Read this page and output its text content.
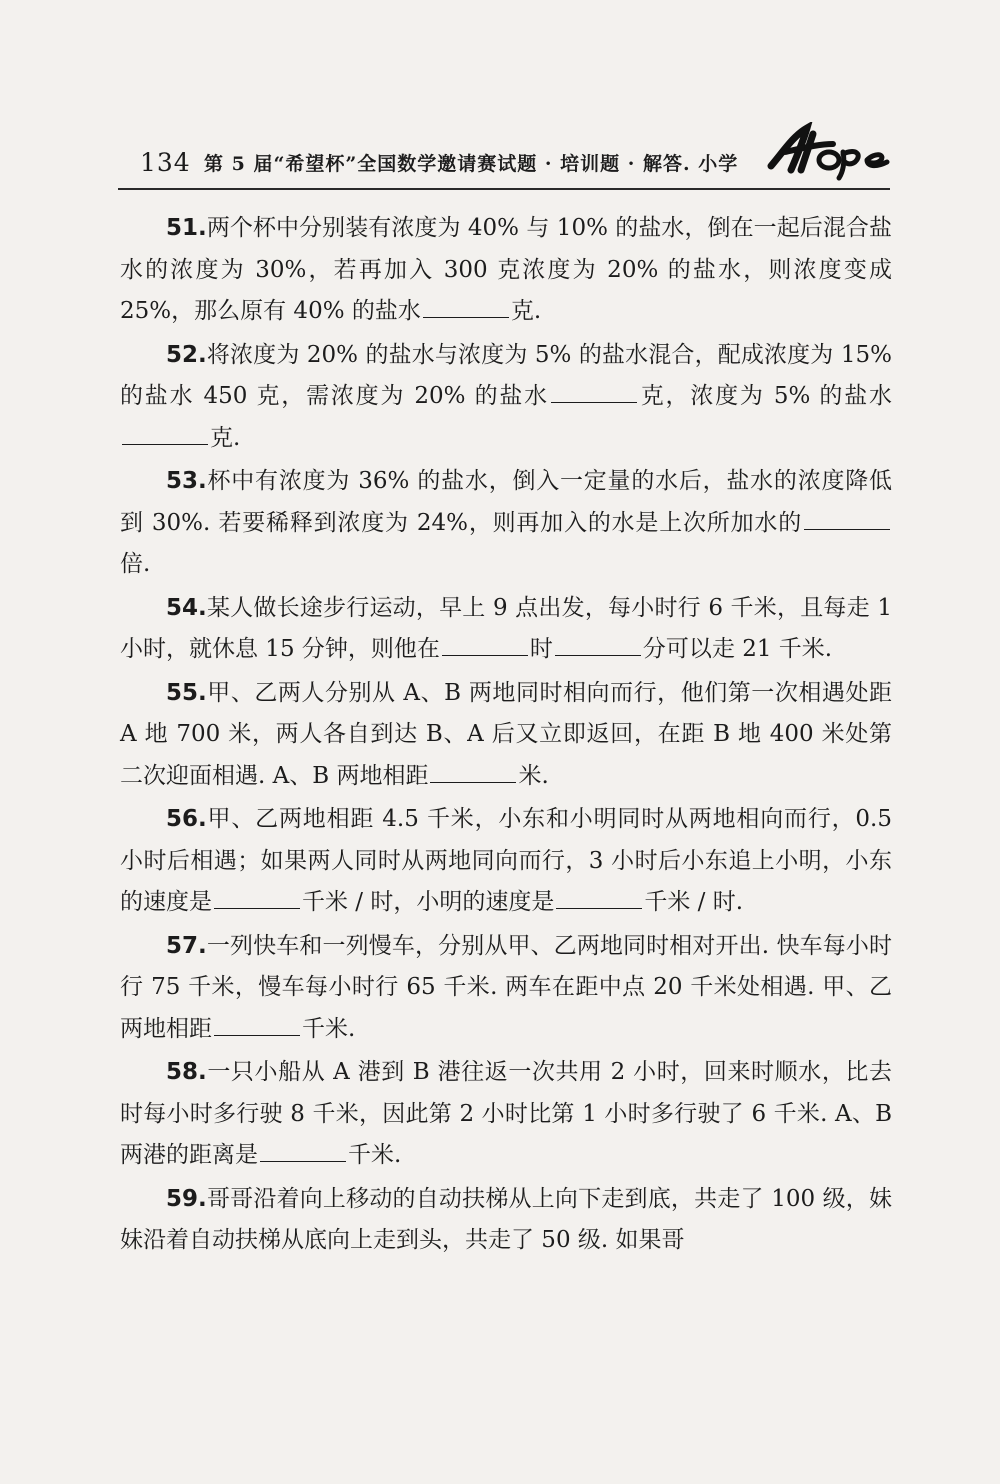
134 第 5 届“希望杯”全国数学邀请赛试题 · 培训题 · 解答. 小学

51.两个杯中分别装有浓度为 40% 与 10% 的盐水，倒在一起后混合盐水的浓度为 30%，若再加入 300 克浓度为 20% 的盐水，则浓度变成 25%，那么原有 40% 的盐水	克.

52.将浓度为 20% 的盐水与浓度为 5% 的盐水混合，配成浓度为 15% 的盐水 450 克，需浓度为 20% 的盐水	克，浓度为 5% 的盐水克.

53.杯中有浓度为 36% 的盐水，倒入一定量的水后，盐水的浓度降低到 30%. 若要稀释到浓度为 24%，则再加入的水是上次所加水的倍.

54.某人做长途步行运动，早上 9 点出发，每小时行 6 千米，且每走 1 小时，就休息 15 分钟，则他在	时	分可以走 21 千米.

55.甲、乙两人分别从 A、B 两地同时相向而行，他们第一次相遇处距 A 地 700 米，两人各自到达 B、A 后又立即返回，在距 B 地 400 米处第二次迎面相遇. A、B 两地相距	米.

56.甲、乙两地相距 4.5 千米，小东和小明同时从两地相向而行，0.5 小时后相遇；如果两人同时从两地同向而行，3 小时后小东追上小明，小东的速度是	千米 / 时，小明的速度是	千米 / 时.

57.一列快车和一列慢车，分别从甲、乙两地同时相对开出. 快车每小时行 75 千米，慢车每小时行 65 千米. 两车在距中点 20 千米处相遇. 甲、乙两地相距	千米.

58.一只小船从 A 港到 B 港往返一次共用 2 小时，回来时顺水，比去时每小时多行驶 8 千米，因此第 2 小时比第 1 小时多行驶了 6 千米. A、B 两港的距离是	千米.

59.哥哥沿着向上移动的自动扶梯从上向下走到底，共走了 100 级，妹妹沿着自动扶梯从底向上走到头，共走了 50 级. 如果哥
